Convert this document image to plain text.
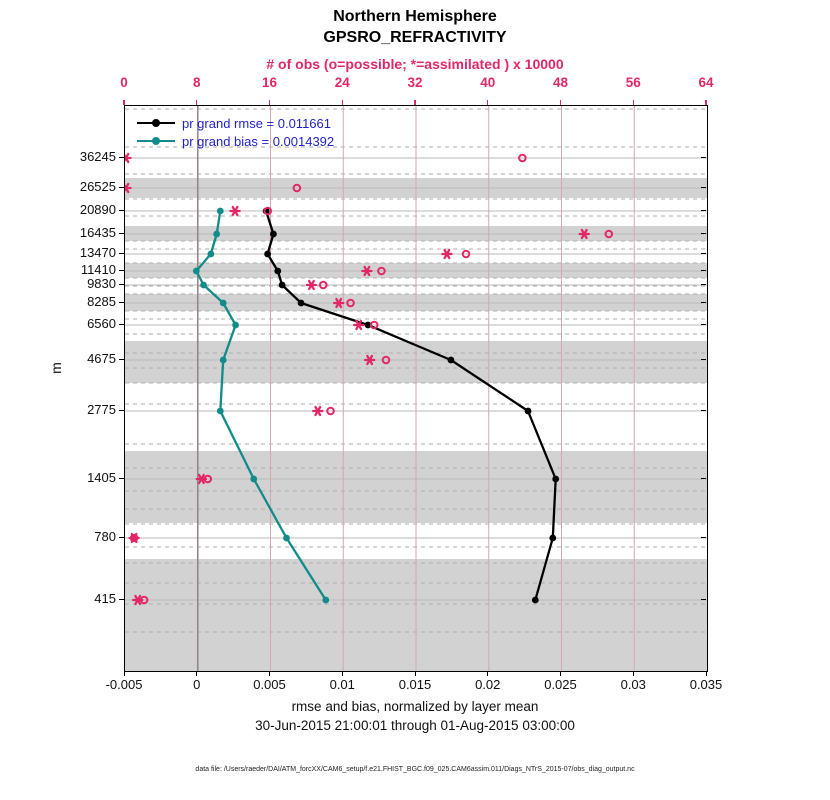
Northern Hemisphere
GPSRO_REFRACTIVITY
# of obs (o=possible; *=assimilated ) x 10000
m
pr grand rmse = 0.011661
pr grand bias = 0.0014392
0	8	16	24	32	40	48	56	64
-0.005	0	0.005	0.01	0.015	0.02	0.025	0.03	0.035
36245
26525
20890
16435
13470
11410
9830
8285
6560
4675
2775
1405
780
415
rmse and bias, normalized by layer mean
30-Jun-2015 21:00:01 through 01-Aug-2015 03:00:00
data file: /Users/raeder/DAI/ATM_forcXX/CAM6_setup/f.e21.FHIST_BGC.f09_025.CAM6assim.011/Diags_NTrS_2015-07/obs_diag_output.nc
